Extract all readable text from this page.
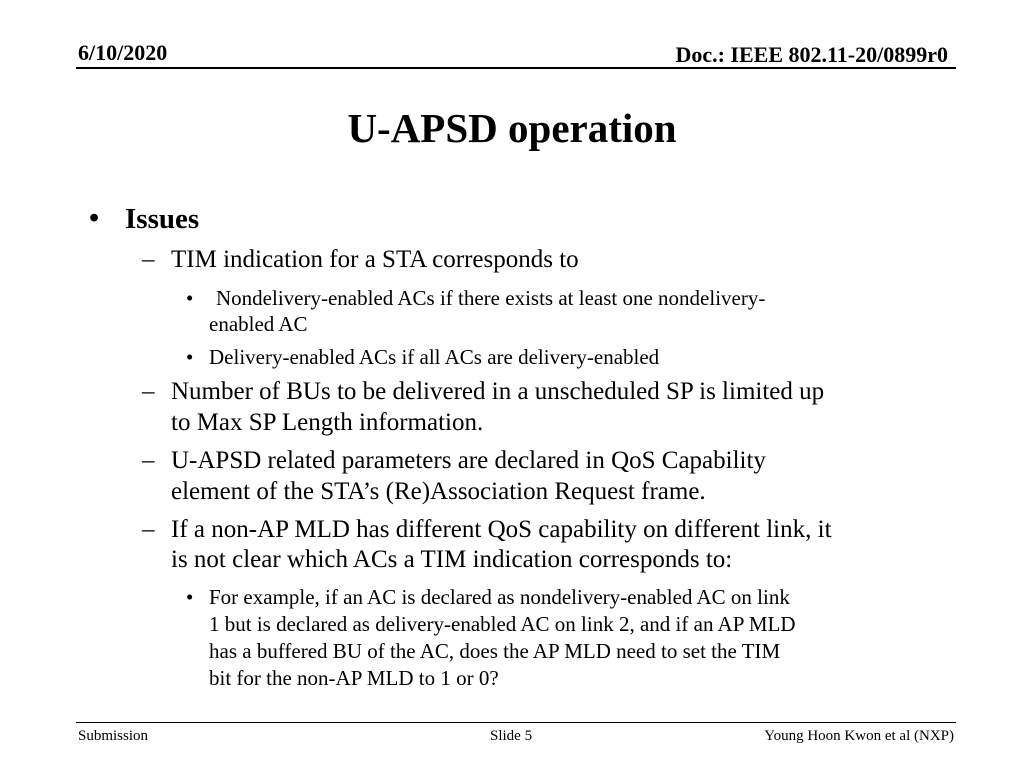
6/10/2020	Doc.: IEEE 802.11-20/0899r0
U-APSD operation
• Issues
– TIM indication for a STA corresponds to
• Nondelivery-enabled ACs if there exists at least one nondelivery-
enabled AC
• Delivery-enabled ACs if all ACs are delivery-enabled
– Number of BUs to be delivered in a unscheduled SP is limited up
to Max SP Length information.
– U-APSD related parameters are declared in QoS Capability
element of the STA’s (Re)Association Request frame.
– If a non-AP MLD has different QoS capability on different link, it
is not clear which ACs a TIM indication corresponds to:
• For example, if an AC is declared as nondelivery-enabled AC on link
1 but is declared as delivery-enabled AC on link 2, and if an AP MLD
has a buffered BU of the AC, does the AP MLD need to set the TIM
bit for the non-AP MLD to 1 or 0?
Submission	Slide 5	Young Hoon Kwon et al (NXP)
